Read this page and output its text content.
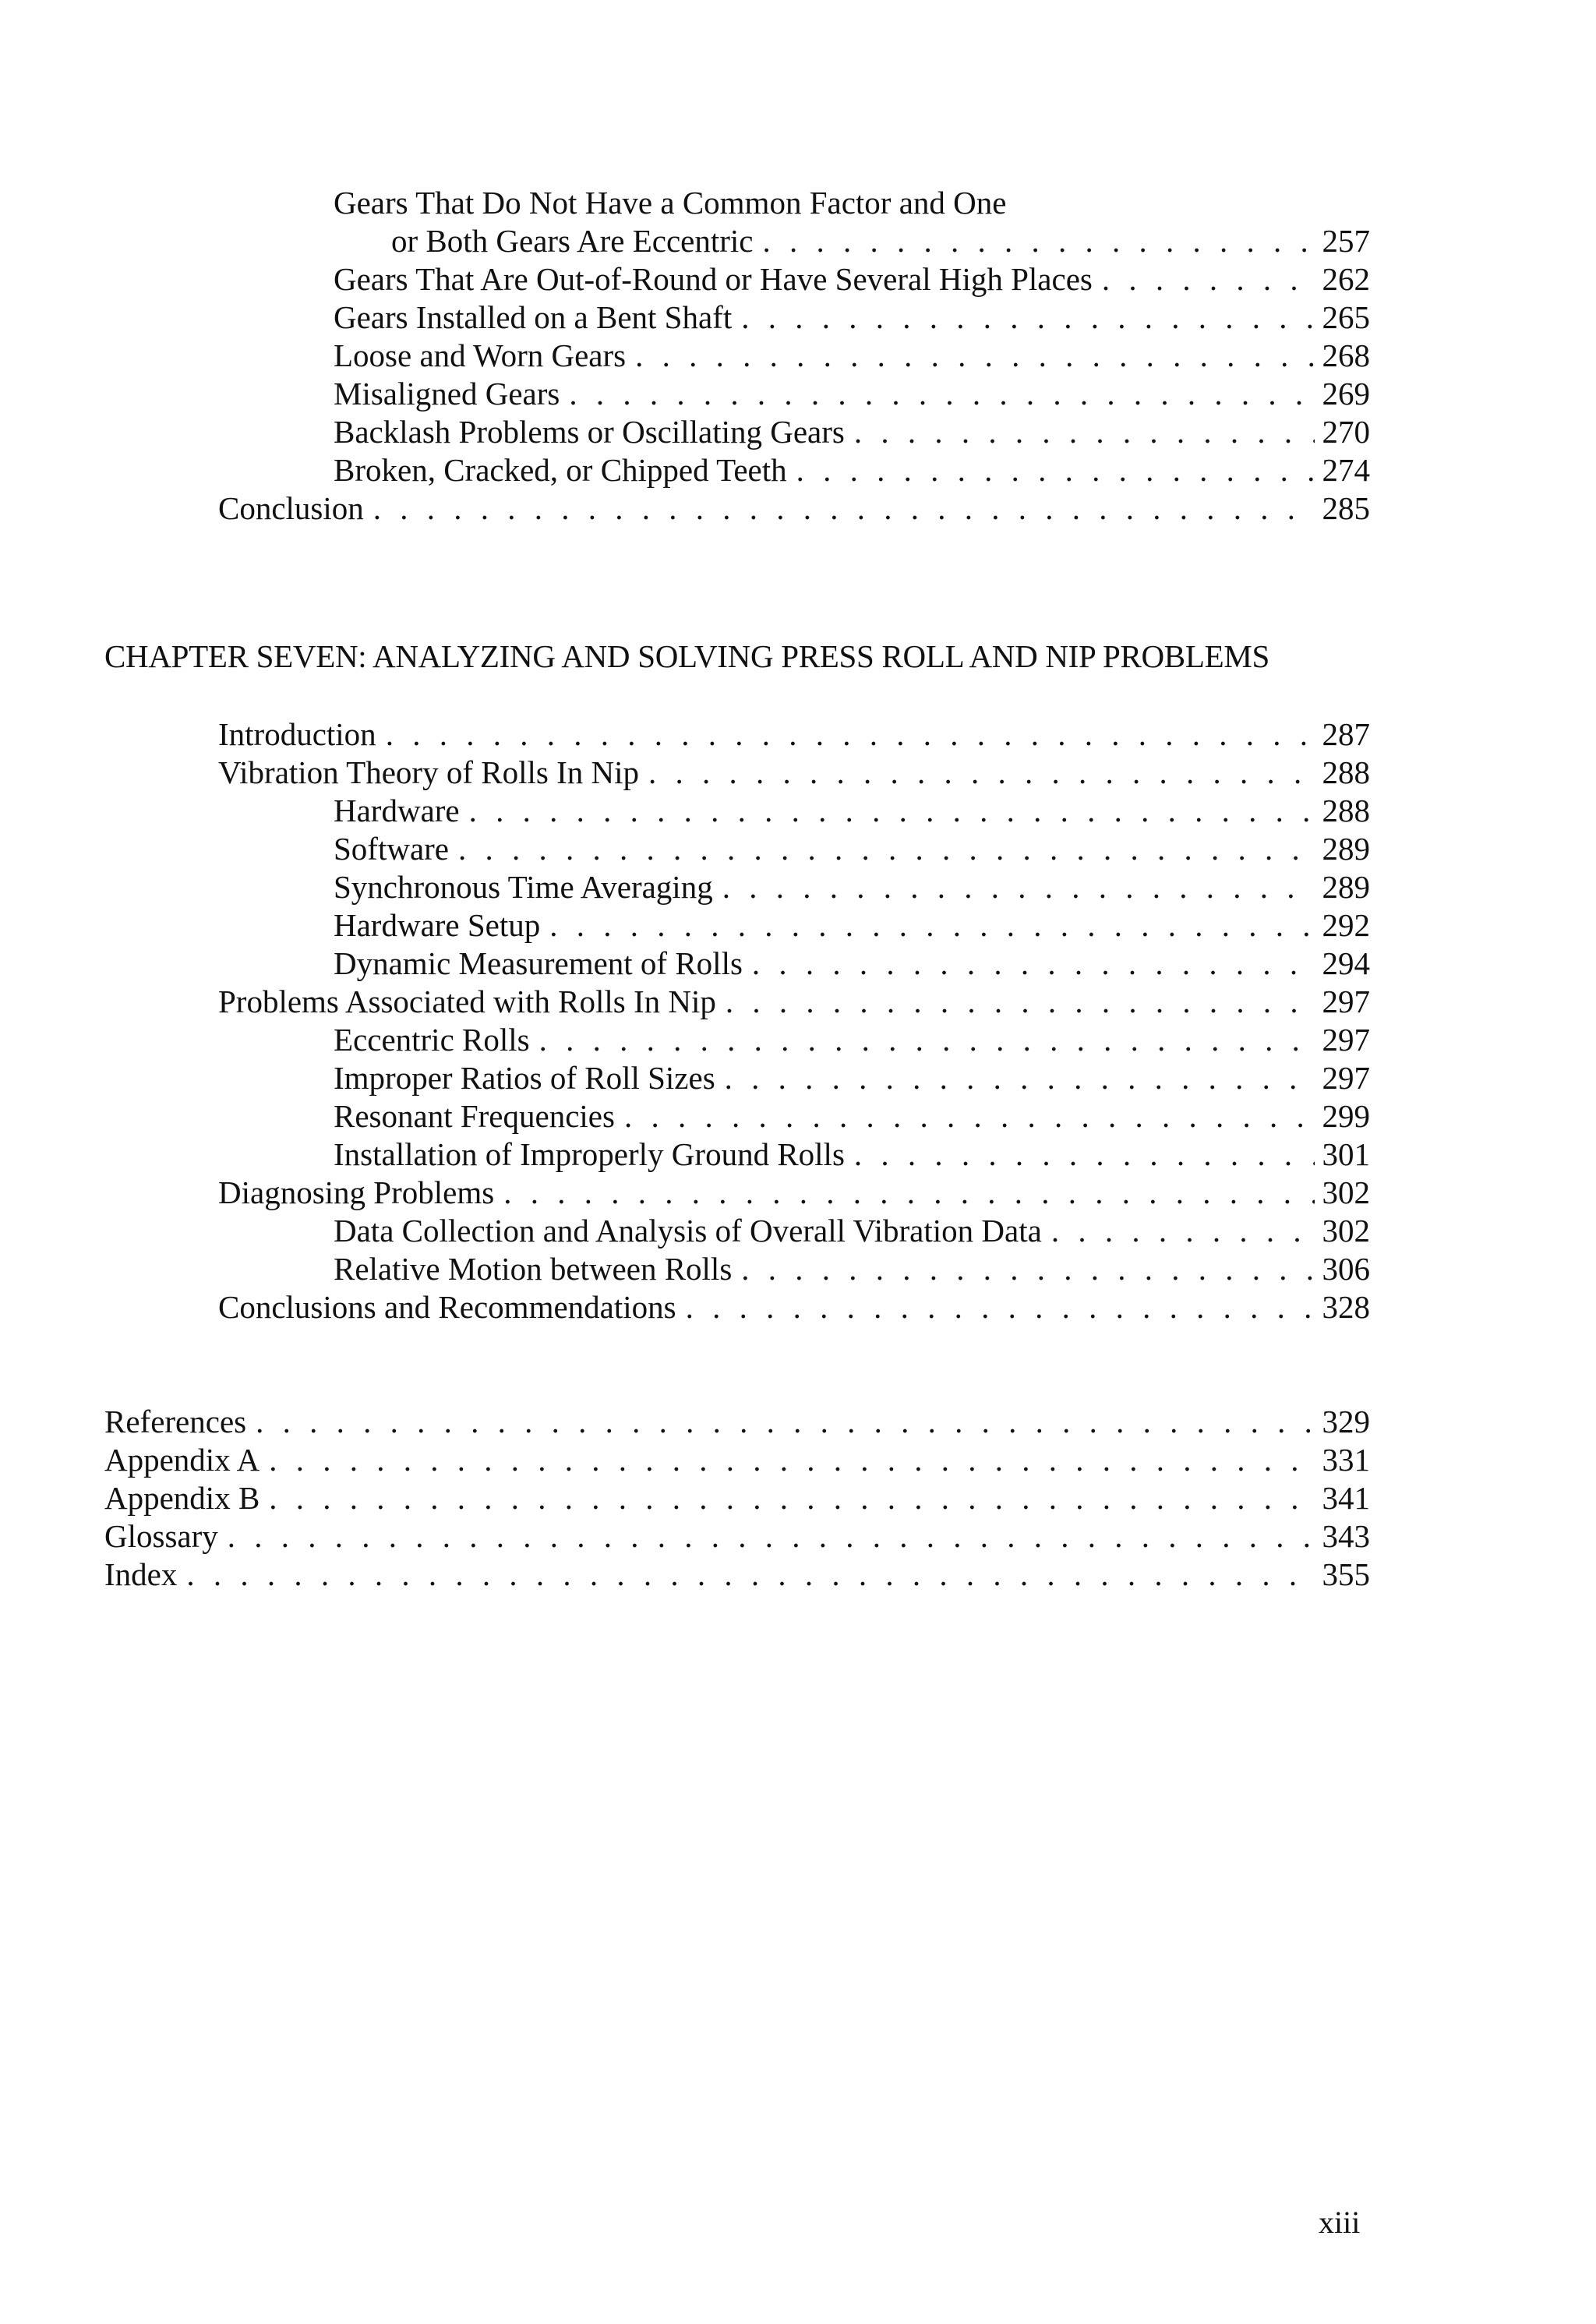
Gears That Do Not Have a Common Factor and One
or Both Gears Are Eccentric . . .	257
Gears That Are Out-of-Round or Have Several High Places . . .	262
Gears Installed on a Bent Shaft . . .	265
Loose and Worn Gears . . .	268
Misaligned Gears . . .	269
Backlash Problems or Oscillating Gears . . .	270
Broken, Cracked, or Chipped Teeth . . .	274
Conclusion . . .	285
CHAPTER SEVEN: ANALYZING AND SOLVING PRESS ROLL AND NIP PROBLEMS
Introduction . . .	287
Vibration Theory of Rolls In Nip . . .	288
Hardware . . .	288
Software . . .	289
Synchronous Time Averaging . . .	289
Hardware Setup . . .	292
Dynamic Measurement of Rolls . . .	294
Problems Associated with Rolls In Nip . . .	297
Eccentric Rolls . . .	297
Improper Ratios of Roll Sizes . . .	297
Resonant Frequencies . . .	299
Installation of Improperly Ground Rolls . . .	301
Diagnosing Problems . . .	302
Data Collection and Analysis of Overall Vibration Data . . .	302
Relative Motion between Rolls . . .	306
Conclusions and Recommendations . . .	328
References . . .	329
Appendix A . . .	331
Appendix B . . .	341
Glossary . . .	343
Index . . .	355
xiii
